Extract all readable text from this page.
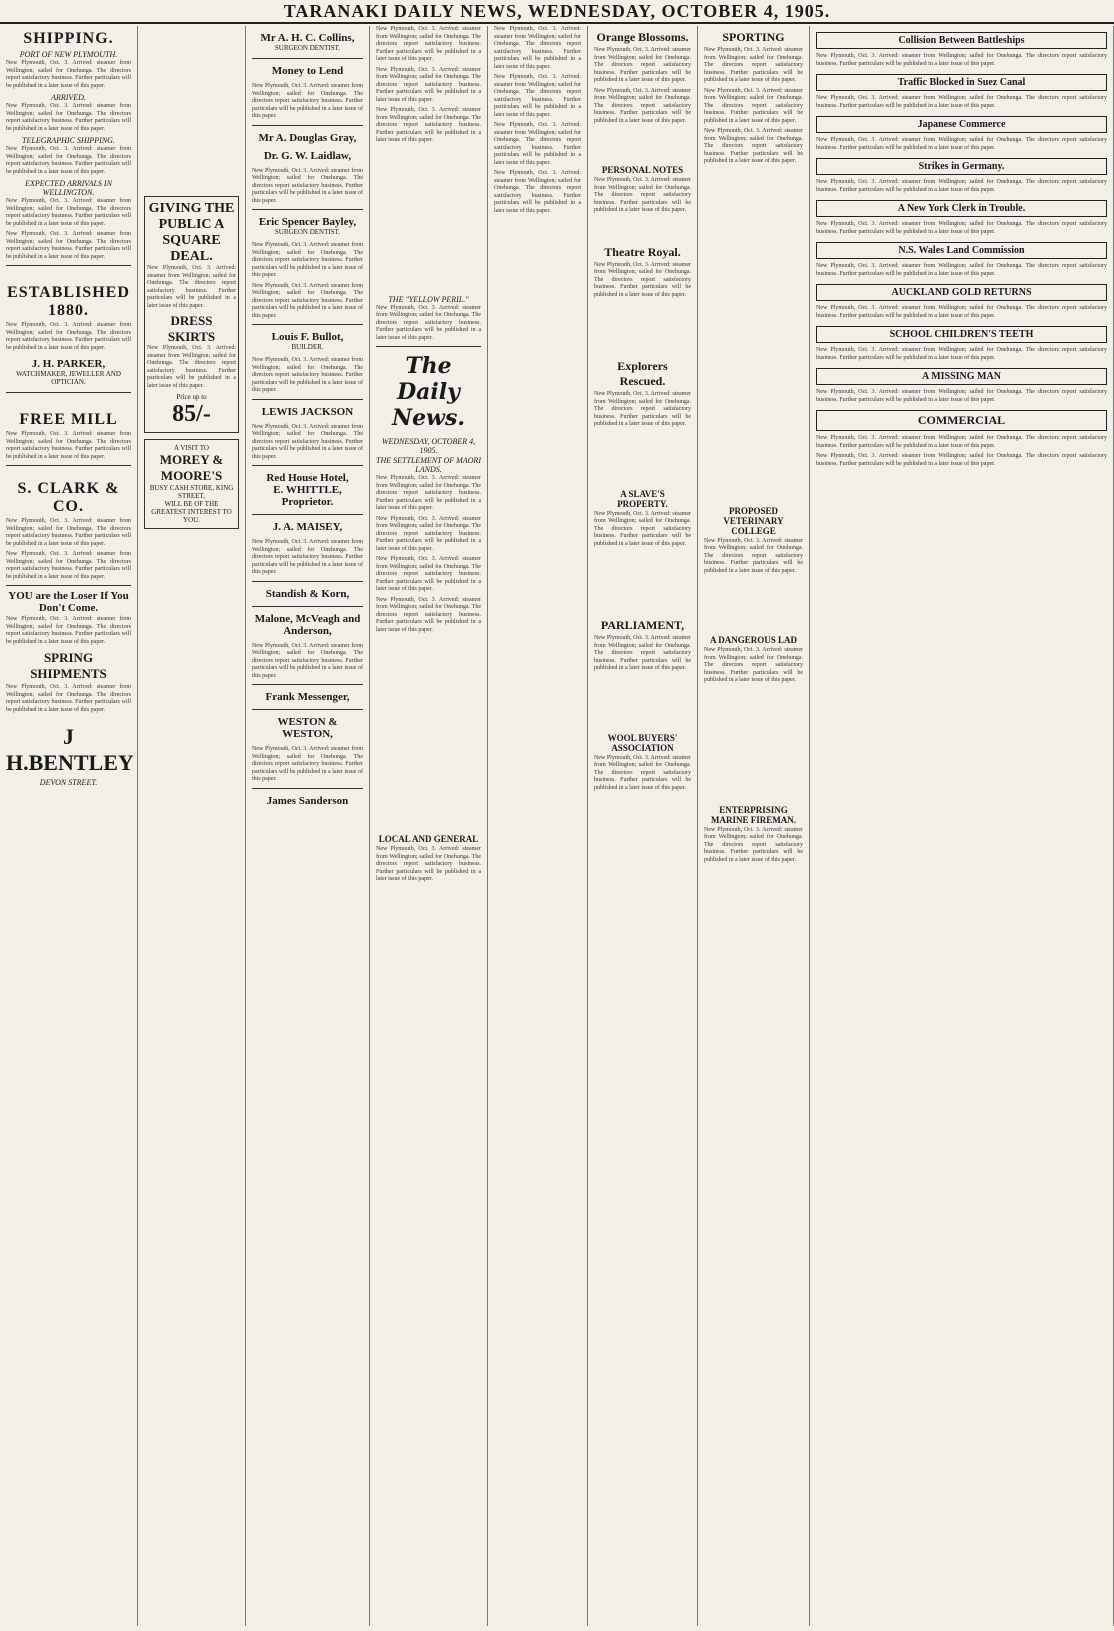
TARANAKI DAILY NEWS, WEDNESDAY, OCTOBER 4, 1905.
SHIPPING.
PORT OF NEW PLYMOUTH.

New Plymouth, Oct. 3. Arrived: steamer from Wellington; sailed for Onehunga. The directors report satisfactory business. Further particulars will be published in a later issue of this paper.

ARRIVED.

New Plymouth, Oct. 3. Arrived: steamer from Wellington; sailed for Onehunga. The directors report satisfactory business. Further particulars will be published in a later issue of this paper.

TELEGRAPHIC SHIPPING.

New Plymouth, Oct. 3. Arrived: steamer from Wellington; sailed for Onehunga. The directors report satisfactory business. Further particulars will be published in a later issue of this paper.

EXPECTED ARRIVALS IN WELLINGTON.

New Plymouth, Oct. 3. Arrived: steamer from Wellington; sailed for Onehunga. The directors report satisfactory business. Further particulars will be published in a later issue of this paper.

New Plymouth, Oct. 3. Arrived: steamer from Wellington; sailed for Onehunga. The directors report satisfactory business. Further particulars will be published in a later issue of this paper.

ESTABLISHED 1880.

New Plymouth, Oct. 3. Arrived: steamer from Wellington; sailed for Onehunga. The directors report satisfactory business. Further particulars will be published in a later issue of this paper.

J. H. PARKER,
WATCHMAKER, JEWELLER AND OPTICIAN.
FREE MILL

New Plymouth, Oct. 3. Arrived: steamer from Wellington; sailed for Onehunga. The directors report satisfactory business. Further particulars will be published in a later issue of this paper.

S. CLARK & CO.

New Plymouth, Oct. 3. Arrived: steamer from Wellington; sailed for Onehunga. The directors report satisfactory business. Further particulars will be published in a later issue of this paper.

New Plymouth, Oct. 3. Arrived: steamer from Wellington; sailed for Onehunga. The directors report satisfactory business. Further particulars will be published in a later issue of this paper.

YOU are the Loser If You Don't Come.

New Plymouth, Oct. 3. Arrived: steamer from Wellington; sailed for Onehunga. The directors report satisfactory business. Further particulars will be published in a later issue of this paper.

SPRING SHIPMENTS

New Plymouth, Oct. 3. Arrived: steamer from Wellington; sailed for Onehunga. The directors report satisfactory business. Further particulars will be published in a later issue of this paper.

J H.BENTLEY
DEVON STREET.
GIVING THE PUBLIC A SQUARE DEAL.

New Plymouth, Oct. 3. Arrived: steamer from Wellington; sailed for Onehunga. The directors report satisfactory business. Further particulars will be published in a later issue of this paper.

DRESS SKIRTS

New Plymouth, Oct. 3. Arrived: steamer from Wellington; sailed for Onehunga. The directors report satisfactory business. Further particulars will be published in a later issue of this paper.

Price up to
85/-
A VISIT TO
MOREY & MOORE'S
BUSY CASH STORE, KING STREET,
WILL BE OF THE GREATEST INTEREST TO YOU.
Mr A. H. C. Collins,
SURGEON DENTIST.
Money to Lend

New Plymouth, Oct. 3. Arrived: steamer from Wellington; sailed for Onehunga. The directors report satisfactory business. Further particulars will be published in a later issue of this paper.

Mr A. Douglas Gray,
Dr. G. W. Laidlaw,

New Plymouth, Oct. 3. Arrived: steamer from Wellington; sailed for Onehunga. The directors report satisfactory business. Further particulars will be published in a later issue of this paper.

Eric Spencer Bayley,
SURGEON DENTIST.

New Plymouth, Oct. 3. Arrived: steamer from Wellington; sailed for Onehunga. The directors report satisfactory business. Further particulars will be published in a later issue of this paper.

New Plymouth, Oct. 3. Arrived: steamer from Wellington; sailed for Onehunga. The directors report satisfactory business. Further particulars will be published in a later issue of this paper.

Louis F. Bullot,
BUILDER.

New Plymouth, Oct. 3. Arrived: steamer from Wellington; sailed for Onehunga. The directors report satisfactory business. Further particulars will be published in a later issue of this paper.

LEWIS JACKSON

New Plymouth, Oct. 3. Arrived: steamer from Wellington; sailed for Onehunga. The directors report satisfactory business. Further particulars will be published in a later issue of this paper.

Red House Hotel,
E. WHITTLE, Proprietor.
J. A. MAISEY,

New Plymouth, Oct. 3. Arrived: steamer from Wellington; sailed for Onehunga. The directors report satisfactory business. Further particulars will be published in a later issue of this paper.

Standish & Korn,
Malone, McVeagh and Anderson,

New Plymouth, Oct. 3. Arrived: steamer from Wellington; sailed for Onehunga. The directors report satisfactory business. Further particulars will be published in a later issue of this paper.

Frank Messenger,
WESTON & WESTON,

New Plymouth, Oct. 3. Arrived: steamer from Wellington; sailed for Onehunga. The directors report satisfactory business. Further particulars will be published in a later issue of this paper.

James Sanderson

New Plymouth, Oct. 3. Arrived: steamer from Wellington; sailed for Onehunga. The directors report satisfactory business. Further particulars will be published in a later issue of this paper.

New Plymouth, Oct. 3. Arrived: steamer from Wellington; sailed for Onehunga. The directors report satisfactory business. Further particulars will be published in a later issue of this paper.

New Plymouth, Oct. 3. Arrived: steamer from Wellington; sailed for Onehunga. The directors report satisfactory business. Further particulars will be published in a later issue of this paper.

THE "YELLOW PERIL."

New Plymouth, Oct. 3. Arrived: steamer from Wellington; sailed for Onehunga. The directors report satisfactory business. Further particulars will be published in a later issue of this paper.

The Daily News.
WEDNESDAY, OCTOBER 4, 1905.
THE SETTLEMENT OF MAORI LANDS.

New Plymouth, Oct. 3. Arrived: steamer from Wellington; sailed for Onehunga. The directors report satisfactory business. Further particulars will be published in a later issue of this paper.

New Plymouth, Oct. 3. Arrived: steamer from Wellington; sailed for Onehunga. The directors report satisfactory business. Further particulars will be published in a later issue of this paper.

New Plymouth, Oct. 3. Arrived: steamer from Wellington; sailed for Onehunga. The directors report satisfactory business. Further particulars will be published in a later issue of this paper.

New Plymouth, Oct. 3. Arrived: steamer from Wellington; sailed for Onehunga. The directors report satisfactory business. Further particulars will be published in a later issue of this paper.

LOCAL AND GENERAL

New Plymouth, Oct. 3. Arrived: steamer from Wellington; sailed for Onehunga. The directors report satisfactory business. Further particulars will be published in a later issue of this paper.

New Plymouth, Oct. 3. Arrived: steamer from Wellington; sailed for Onehunga. The directors report satisfactory business. Further particulars will be published in a later issue of this paper.

New Plymouth, Oct. 3. Arrived: steamer from Wellington; sailed for Onehunga. The directors report satisfactory business. Further particulars will be published in a later issue of this paper.

New Plymouth, Oct. 3. Arrived: steamer from Wellington; sailed for Onehunga. The directors report satisfactory business. Further particulars will be published in a later issue of this paper.

New Plymouth, Oct. 3. Arrived: steamer from Wellington; sailed for Onehunga. The directors report satisfactory business. Further particulars will be published in a later issue of this paper.

Orange Blossoms.

New Plymouth, Oct. 3. Arrived: steamer from Wellington; sailed for Onehunga. The directors report satisfactory business. Further particulars will be published in a later issue of this paper.

New Plymouth, Oct. 3. Arrived: steamer from Wellington; sailed for Onehunga. The directors report satisfactory business. Further particulars will be published in a later issue of this paper.

PERSONAL NOTES

New Plymouth, Oct. 3. Arrived: steamer from Wellington; sailed for Onehunga. The directors report satisfactory business. Further particulars will be published in a later issue of this paper.

Theatre Royal.

New Plymouth, Oct. 3. Arrived: steamer from Wellington; sailed for Onehunga. The directors report satisfactory business. Further particulars will be published in a later issue of this paper.

Explorers Rescued.

New Plymouth, Oct. 3. Arrived: steamer from Wellington; sailed for Onehunga. The directors report satisfactory business. Further particulars will be published in a later issue of this paper.

A SLAVE'S PROPERTY.

New Plymouth, Oct. 3. Arrived: steamer from Wellington; sailed for Onehunga. The directors report satisfactory business. Further particulars will be published in a later issue of this paper.

PARLIAMENT,

New Plymouth, Oct. 3. Arrived: steamer from Wellington; sailed for Onehunga. The directors report satisfactory business. Further particulars will be published in a later issue of this paper.

WOOL BUYERS' ASSOCIATION

New Plymouth, Oct. 3. Arrived: steamer from Wellington; sailed for Onehunga. The directors report satisfactory business. Further particulars will be published in a later issue of this paper.

SPORTING

New Plymouth, Oct. 3. Arrived: steamer from Wellington; sailed for Onehunga. The directors report satisfactory business. Further particulars will be published in a later issue of this paper.

New Plymouth, Oct. 3. Arrived: steamer from Wellington; sailed for Onehunga. The directors report satisfactory business. Further particulars will be published in a later issue of this paper.

New Plymouth, Oct. 3. Arrived: steamer from Wellington; sailed for Onehunga. The directors report satisfactory business. Further particulars will be published in a later issue of this paper.

PROPOSED VETERINARY COLLEGE

New Plymouth, Oct. 3. Arrived: steamer from Wellington; sailed for Onehunga. The directors report satisfactory business. Further particulars will be published in a later issue of this paper.

A DANGEROUS LAD

New Plymouth, Oct. 3. Arrived: steamer from Wellington; sailed for Onehunga. The directors report satisfactory business. Further particulars will be published in a later issue of this paper.

ENTERPRISING MARINE FIREMAN.

New Plymouth, Oct. 3. Arrived: steamer from Wellington; sailed for Onehunga. The directors report satisfactory business. Further particulars will be published in a later issue of this paper.

Collision Between Battleships

New Plymouth, Oct. 3. Arrived: steamer from Wellington; sailed for Onehunga. The directors report satisfactory business. Further particulars will be published in a later issue of this paper.

Traffic Blocked in Suez Canal

New Plymouth, Oct. 3. Arrived: steamer from Wellington; sailed for Onehunga. The directors report satisfactory business. Further particulars will be published in a later issue of this paper.

Japanese Commerce

New Plymouth, Oct. 3. Arrived: steamer from Wellington; sailed for Onehunga. The directors report satisfactory business. Further particulars will be published in a later issue of this paper.

Strikes in Germany.

New Plymouth, Oct. 3. Arrived: steamer from Wellington; sailed for Onehunga. The directors report satisfactory business. Further particulars will be published in a later issue of this paper.

A New York Clerk in Trouble.

New Plymouth, Oct. 3. Arrived: steamer from Wellington; sailed for Onehunga. The directors report satisfactory business. Further particulars will be published in a later issue of this paper.

N.S. Wales Land Commission

New Plymouth, Oct. 3. Arrived: steamer from Wellington; sailed for Onehunga. The directors report satisfactory business. Further particulars will be published in a later issue of this paper.

AUCKLAND GOLD RETURNS

New Plymouth, Oct. 3. Arrived: steamer from Wellington; sailed for Onehunga. The directors report satisfactory business. Further particulars will be published in a later issue of this paper.

SCHOOL CHILDREN'S TEETH

New Plymouth, Oct. 3. Arrived: steamer from Wellington; sailed for Onehunga. The directors report satisfactory business. Further particulars will be published in a later issue of this paper.

A MISSING MAN

New Plymouth, Oct. 3. Arrived: steamer from Wellington; sailed for Onehunga. The directors report satisfactory business. Further particulars will be published in a later issue of this paper.

COMMERCIAL

New Plymouth, Oct. 3. Arrived: steamer from Wellington; sailed for Onehunga. The directors report satisfactory business. Further particulars will be published in a later issue of this paper.

New Plymouth, Oct. 3. Arrived: steamer from Wellington; sailed for Onehunga. The directors report satisfactory business. Further particulars will be published in a later issue of this paper.
